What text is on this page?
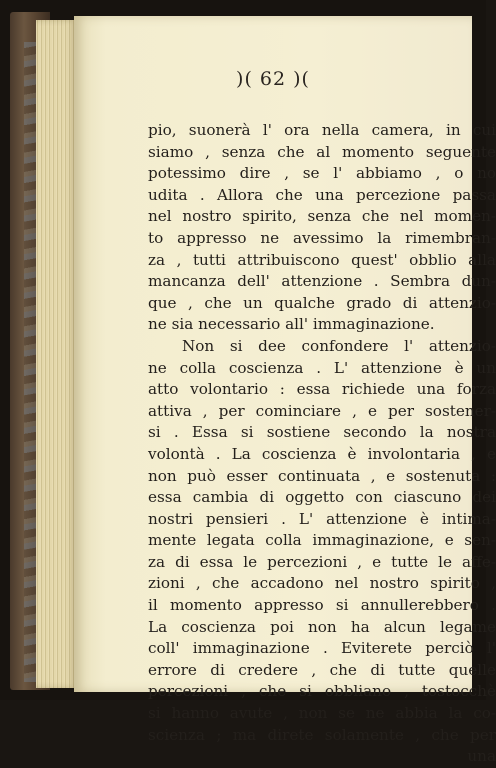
)( 62 )(
pio, suonerà l' ora nella camera, in cui
siamo , senza che al momento seguente
potessimo dire , se l' abbiamo , o no
udita . Allora che una percezione passa
nel nostro spirito, senza che nel momen-
to appresso ne avessimo la rimembran-
za , tutti attribuiscono quest' obblio alla
mancanza dell' attenzione . Sembra dun-
que , che un qualche grado di attenzio-
ne sia necessario all' immaginazione.
Non si dee confondere l' attenzio-
ne colla coscienza . L' attenzione è un
atto volontario : essa richiede una forza
attiva , per cominciare , e per sostener-
si . Essa si sostiene secondo la nostra
volontà . La coscienza è involontaria , e
non può esser continuata , e sostenuta :
essa cambia di oggetto con ciascuno dei
nostri pensieri . L' attenzione è intima-
mente legata colla immaginazione, e sen-
za di essa le percezioni , e tutte le affe-
zioni , che accadono nel nostro spirito ,
il momento appresso si annullerebbero .
La coscienza poi non ha alcun legame
coll' immaginazione . Eviterete perciò l'
errore di credere , che di tutte quelle
percezioni , che si obbliano , tostocchè
si hanno avute , non se ne abbia la co-
scienza ; ma direte solamente , che per
una
